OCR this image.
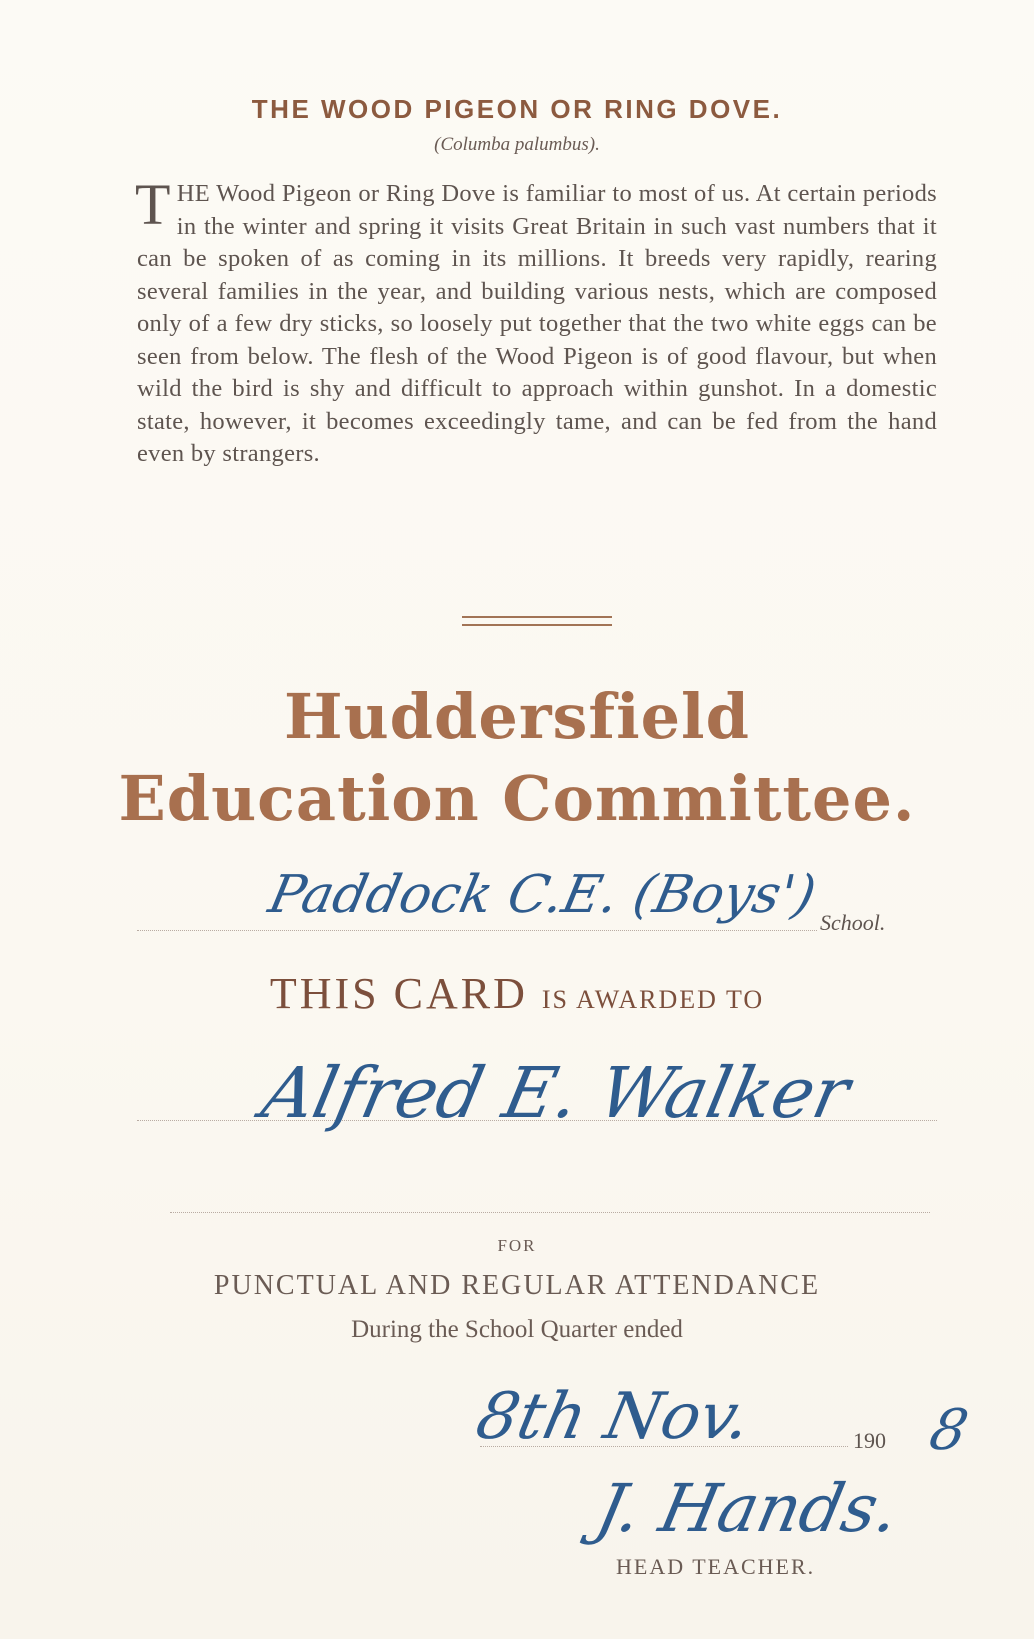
THE WOOD PIGEON OR RING DOVE.
(Columba palumbus).
THE Wood Pigeon or Ring Dove is familiar to most of us. At certain periods in the winter and spring it visits Great Britain in such vast numbers that it can be spoken of as coming in its millions. It breeds very rapidly, rearing several families in the year, and building various nests, which are composed only of a few dry sticks, so loosely put together that the two white eggs can be seen from below. The flesh of the Wood Pigeon is of good flavour, but when wild the bird is shy and difficult to approach within gunshot. In a domestic state, however, it becomes exceedingly tame, and can be fed from the hand even by strangers.
Huddersfield
Education Committee.
Paddock C.E. (Boys')
School.
THIS CARD IS AWARDED TO
Alfred E. Walker
FOR
PUNCTUAL AND REGULAR ATTENDANCE
During the School Quarter ended
8th Nov.	190 8
J. Hands.
HEAD TEACHER.
